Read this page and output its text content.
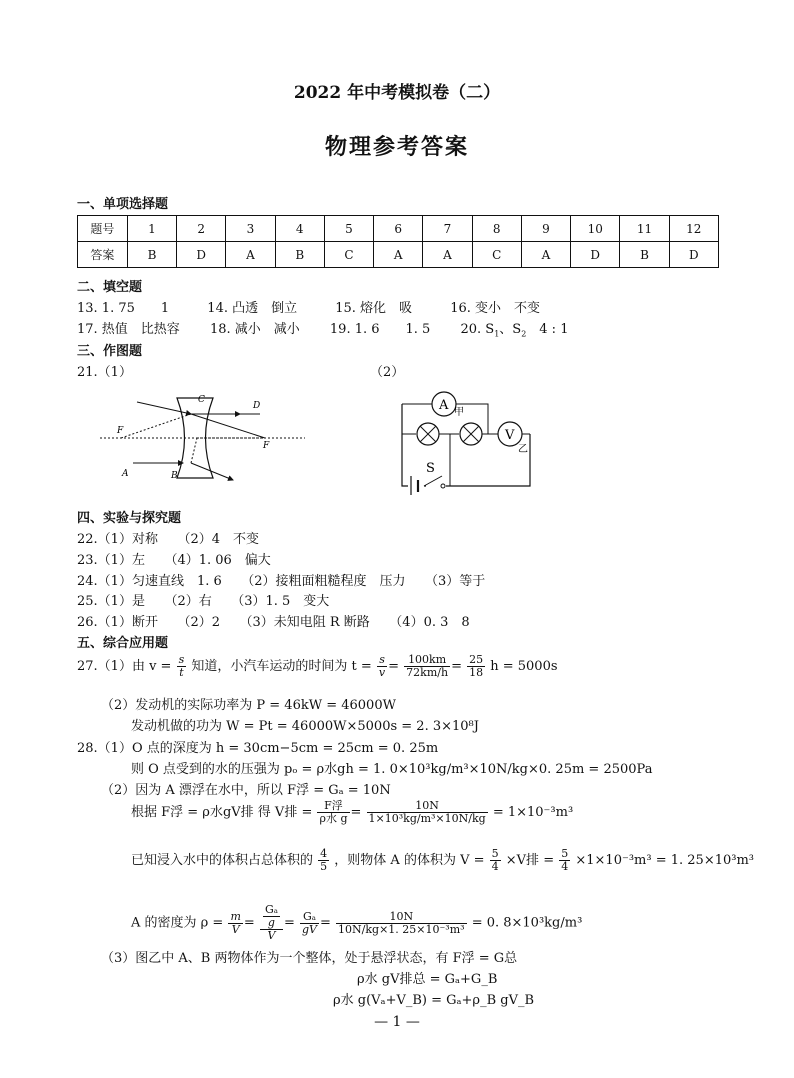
2022 年中考模拟卷（二）
物理参考答案
一、单项选择题
题号	1	2	3	4	5	6	7	8	9	10	11	12
答案	B	D	A	B	C	A	A	C	A	D	B	D
二、填空题
13. 1. 75　　1	14. 凸透　倒立	15. 熔化　吸	16. 变小　不变
17. 热值　比热容 18. 减小　减小 19. 1. 6　　1. 5 20. $S_1$、$S_2$　4 : 1
三、作图题
21.（1）	（2）
F
F
C
D
A	B
A 甲
V
乙
S
四、实验与探究题
22.（1）对称　　（2）4　不变
23.（1）左　　（4）1. 06　偏大
24.（1）匀速直线　1. 6　　（2）接粗面粗糙程度　压力　　（3）等于
25.（1）是　　（2）右　　（3）1. 5　变大
26.（1）断开　　（2）2　　（3）未知电阻 R 断路　　（4）0. 3　8
五、综合应用题
27.（1）由 $v = \frac{s}{t}$ 知道，小汽车运动的时间为 $t = \frac{s}{v} = \frac{100km}{72km/h} = \frac{25}{18}$ h = 5000s
（2）发动机的实际功率为 P = 46kW = 46000W
发动机做的功为 W = Pt = 46000W×5000s = 2. 3×10⁸J
28.（1）O 点的深度为 h = 30cm−5cm = 25cm = 0. 25m
则 O 点受到的水的压强为 pₒ = ρ水gh = 1. 0×10³kg/m³×10N/kg×0. 25m = 2500Pa
（2）因为 A 漂浮在水中，所以 F浮 = Gₐ = 10N
根据 F浮 = ρ水gV排 得 V排 = $\frac{\text{F浮}}{\text{ρ水 g}} = \frac{10N}{\text{1×10³kg/m³×10N/kg}} = 1\times 10^{-3}m^3$
已知浸入水中的体积占总体积的 $\frac{4}{5}$ ，则物体 A 的体积为 $V = \frac{5}{4} \times V$排 = $\frac{5}{4} \times 1\times 10^{-3}m^3 = 1$. 25×10³m³
A 的密度为 $\rho = \frac{m}{V} = \frac{\frac{\text{Gₐ}}{g}}{V} = \frac{\text{Gₐ}}{gV} = \frac{10N}{\text{10N/kg×1. 25×10⁻³m³}} = 0$. 8×10³kg/m³
（3）图乙中 A、B 两物体作为一个整体，处于悬浮状态，有 F浮 = G总
ρ水 gV排总 = Gₐ+G_B
ρ水 g(Vₐ+V_B) = Gₐ+ρ_B gV_B
— 1 —
